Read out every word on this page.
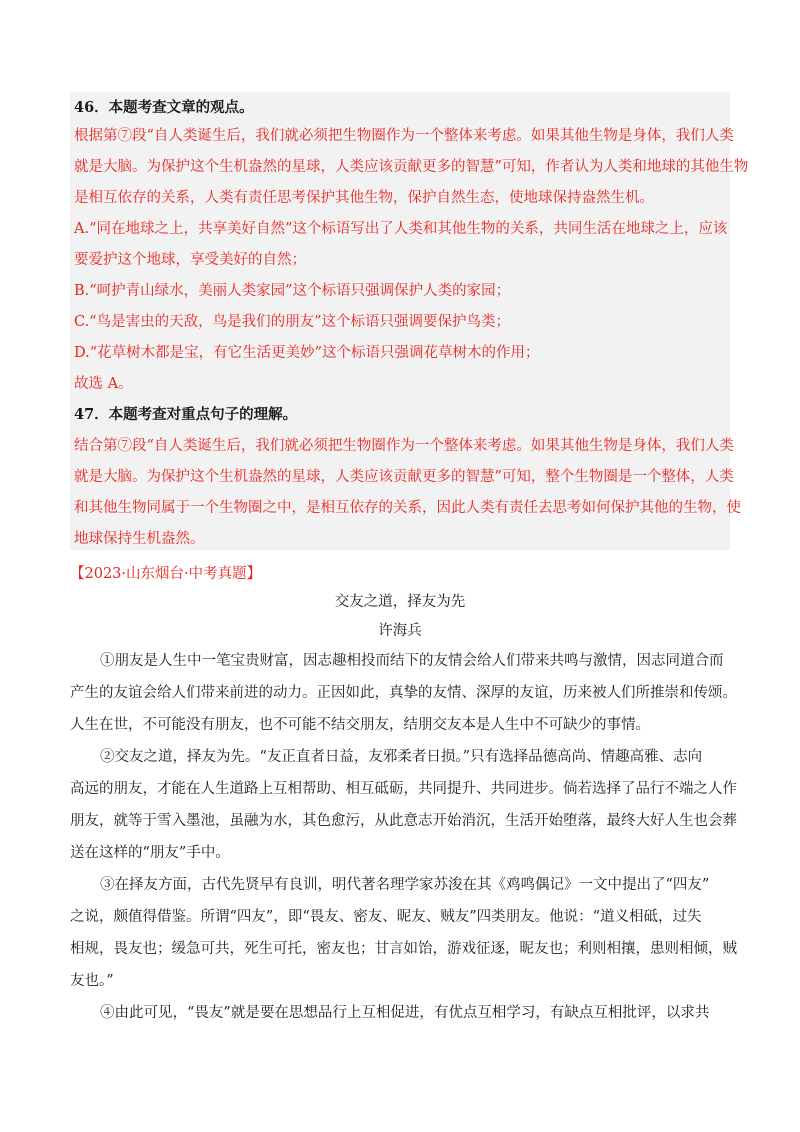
46．本题考查文章的观点。
根据第⑦段“自人类诞生后，我们就必须把生物圈作为一个整体来考虑。如果其他生物是身体，我们人类
就是大脑。为保护这个生机盎然的星球，人类应该贡献更多的智慧”可知，作者认为人类和地球的其他生物
是相互依存的关系，人类有责任思考保护其他生物，保护自然生态，使地球保持盎然生机。
A.“同在地球之上，共享美好自然”这个标语写出了人类和其他生物的关系，共同生活在地球之上，应该
要爱护这个地球，享受美好的自然；
B.“呵护青山绿水，美丽人类家园”这个标语只强调保护人类的家园；
C.“鸟是害虫的天敌，鸟是我们的朋友”这个标语只强调要保护鸟类；
D.“花草树木都是宝，有它生活更美妙”这个标语只强调花草树木的作用；
故选 A。
47．本题考查对重点句子的理解。
结合第⑦段“自人类诞生后，我们就必须把生物圈作为一个整体来考虑。如果其他生物是身体，我们人类
就是大脑。为保护这个生机盎然的星球，人类应该贡献更多的智慧”可知，整个生物圈是一个整体，人类
和其他生物同属于一个生物圈之中，是相互依存的关系，因此人类有责任去思考如何保护其他的生物，使
地球保持生机盎然。
【2023·山东烟台·中考真题】
交友之道，择友为先
许海兵
①朋友是人生中一笔宝贵财富，因志趣相投而结下的友情会给人们带来共鸣与激情，因志同道合而
产生的友谊会给人们带来前进的动力。正因如此，真挚的友情、深厚的友谊，历来被人们所推崇和传颂。
人生在世，不可能没有朋友，也不可能不结交朋友，结朋交友本是人生中不可缺少的事情。
②交友之道，择友为先。“友正直者日益，友邪柔者日损。”只有选择品德高尚、情趣高雅、志向
高远的朋友，才能在人生道路上互相帮助、相互砥砺，共同提升、共同进步。倘若选择了品行不端之人作
朋友，就等于雪入墨池，虽融为水，其色愈污，从此意志开始消沉，生活开始堕落，最终大好人生也会葬
送在这样的“朋友”手中。
③在择友方面，古代先贤早有良训，明代著名理学家苏浚在其《鸡鸣偶记》一文中提出了“四友”
之说，颇值得借鉴。所谓“四友”，即“畏友、密友、昵友、贼友”四类朋友。他说：“道义相砥，过失
相规，畏友也；缓急可共，死生可托，密友也；甘言如饴，游戏征逐，昵友也；利则相攘，患则相倾，贼
友也。”
④由此可见，“畏友”就是要在思想品行上互相促进，有优点互相学习，有缺点互相批评，以求共
